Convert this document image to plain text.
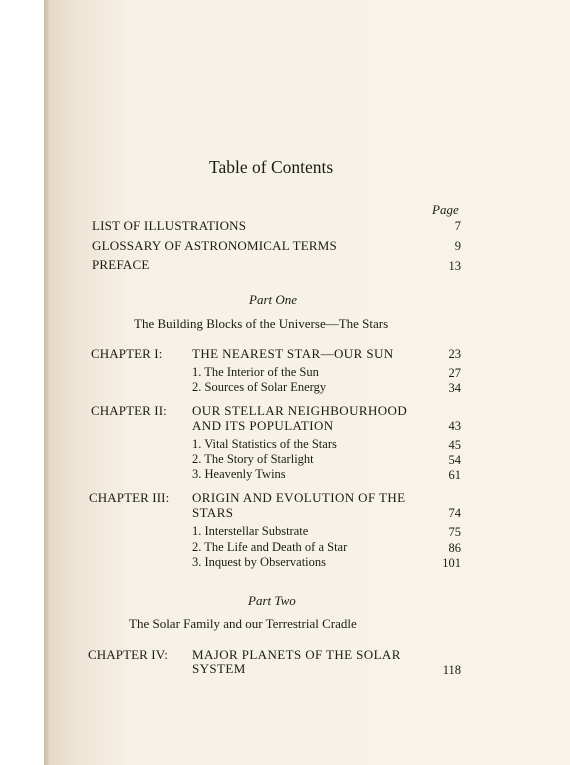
Table of Contents
Page
LIST OF ILLUSTRATIONS	7
GLOSSARY OF ASTRONOMICAL TERMS	9
PREFACE	13
Part One
The Building Blocks of the Universe—The Stars
CHAPTER I: THE NEAREST STAR—OUR SUN	23
1. The Interior of the Sun	27
2. Sources of Solar Energy	34
CHAPTER II: OUR STELLAR NEIGHBOURHOOD
AND ITS POPULATION	43
1. Vital Statistics of the Stars	45
2. The Story of Starlight	54
3. Heavenly Twins	61
CHAPTER III: ORIGIN AND EVOLUTION OF THE
STARS	74
1. Interstellar Substrate	75
2. The Life and Death of a Star	86
3. Inquest by Observations	101
Part Two
The Solar Family and our Terrestrial Cradle
CHAPTER IV: MAJOR PLANETS OF THE SOLAR
SYSTEM	118
